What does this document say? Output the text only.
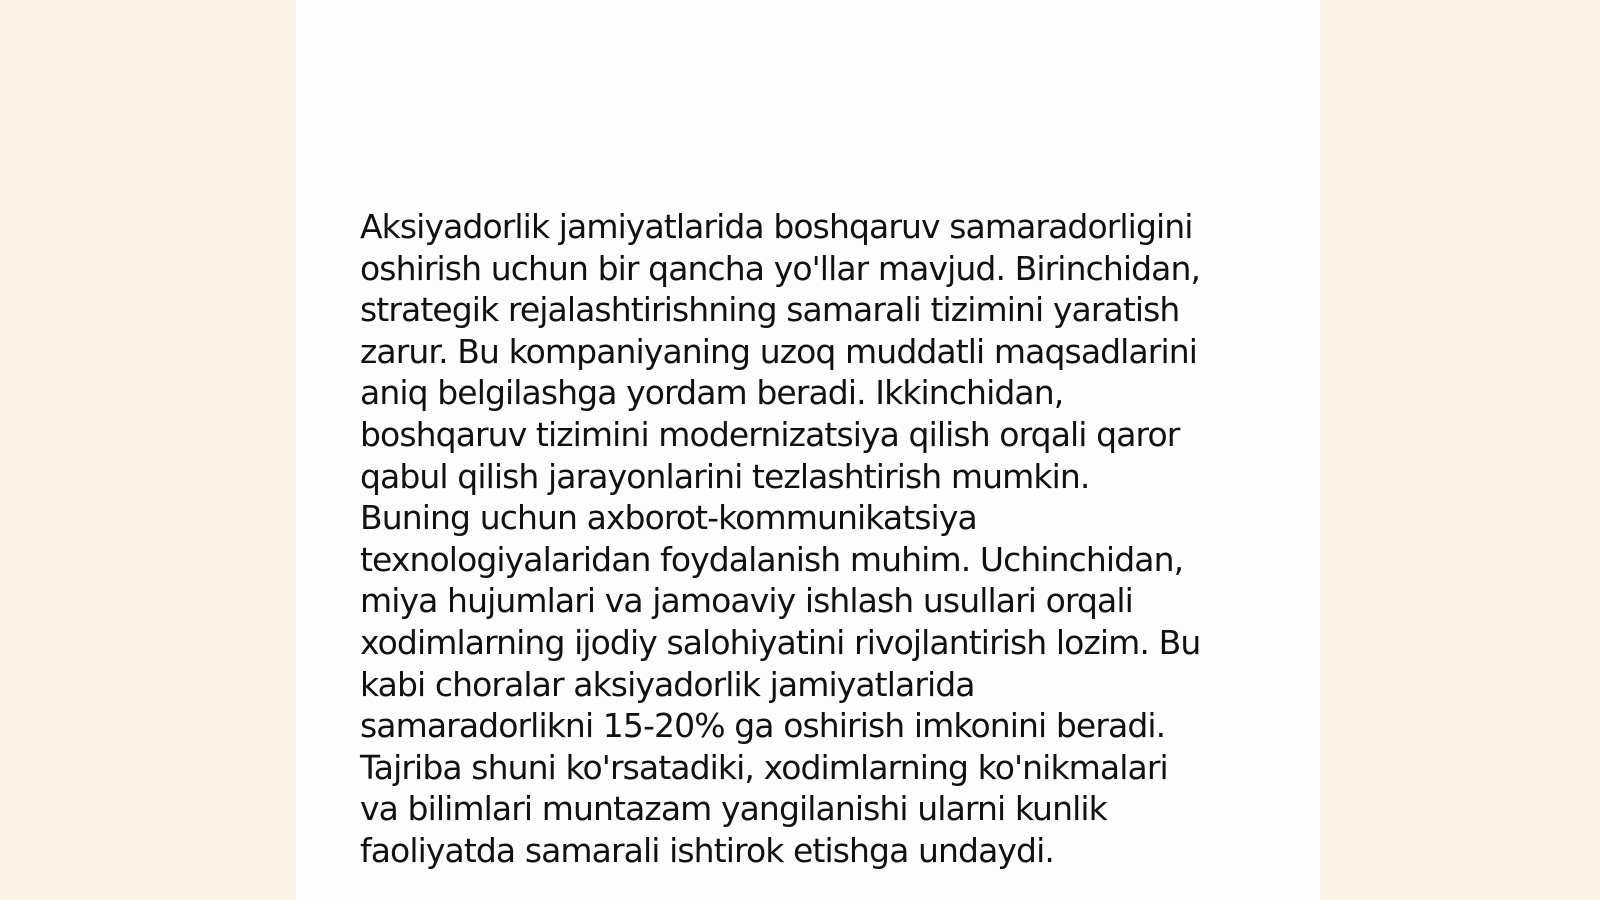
Aksiyadorlik jamiyatlarida boshqaruv samaradorligini
oshirish uchun bir qancha yo'llar mavjud. Birinchidan,
strategik rejalashtirishning samarali tizimini yaratish
zarur. Bu kompaniyaning uzoq muddatli maqsadlarini
aniq belgilashga yordam beradi. Ikkinchidan,
boshqaruv tizimini modernizatsiya qilish orqali qaror
qabul qilish jarayonlarini tezlashtirish mumkin.
Buning uchun axborot-kommunikatsiya
texnologiyalaridan foydalanish muhim. Uchinchidan,
miya hujumlari va jamoaviy ishlash usullari orqali
xodimlarning ijodiy salohiyatini rivojlantirish lozim. Bu
kabi choralar aksiyadorlik jamiyatlarida
samaradorlikni 15-20% ga oshirish imkonini beradi.
Tajriba shuni ko'rsatadiki, xodimlarning ko'nikmalari
va bilimlari muntazam yangilanishi ularni kunlik
faoliyatda samarali ishtirok etishga undaydi.
